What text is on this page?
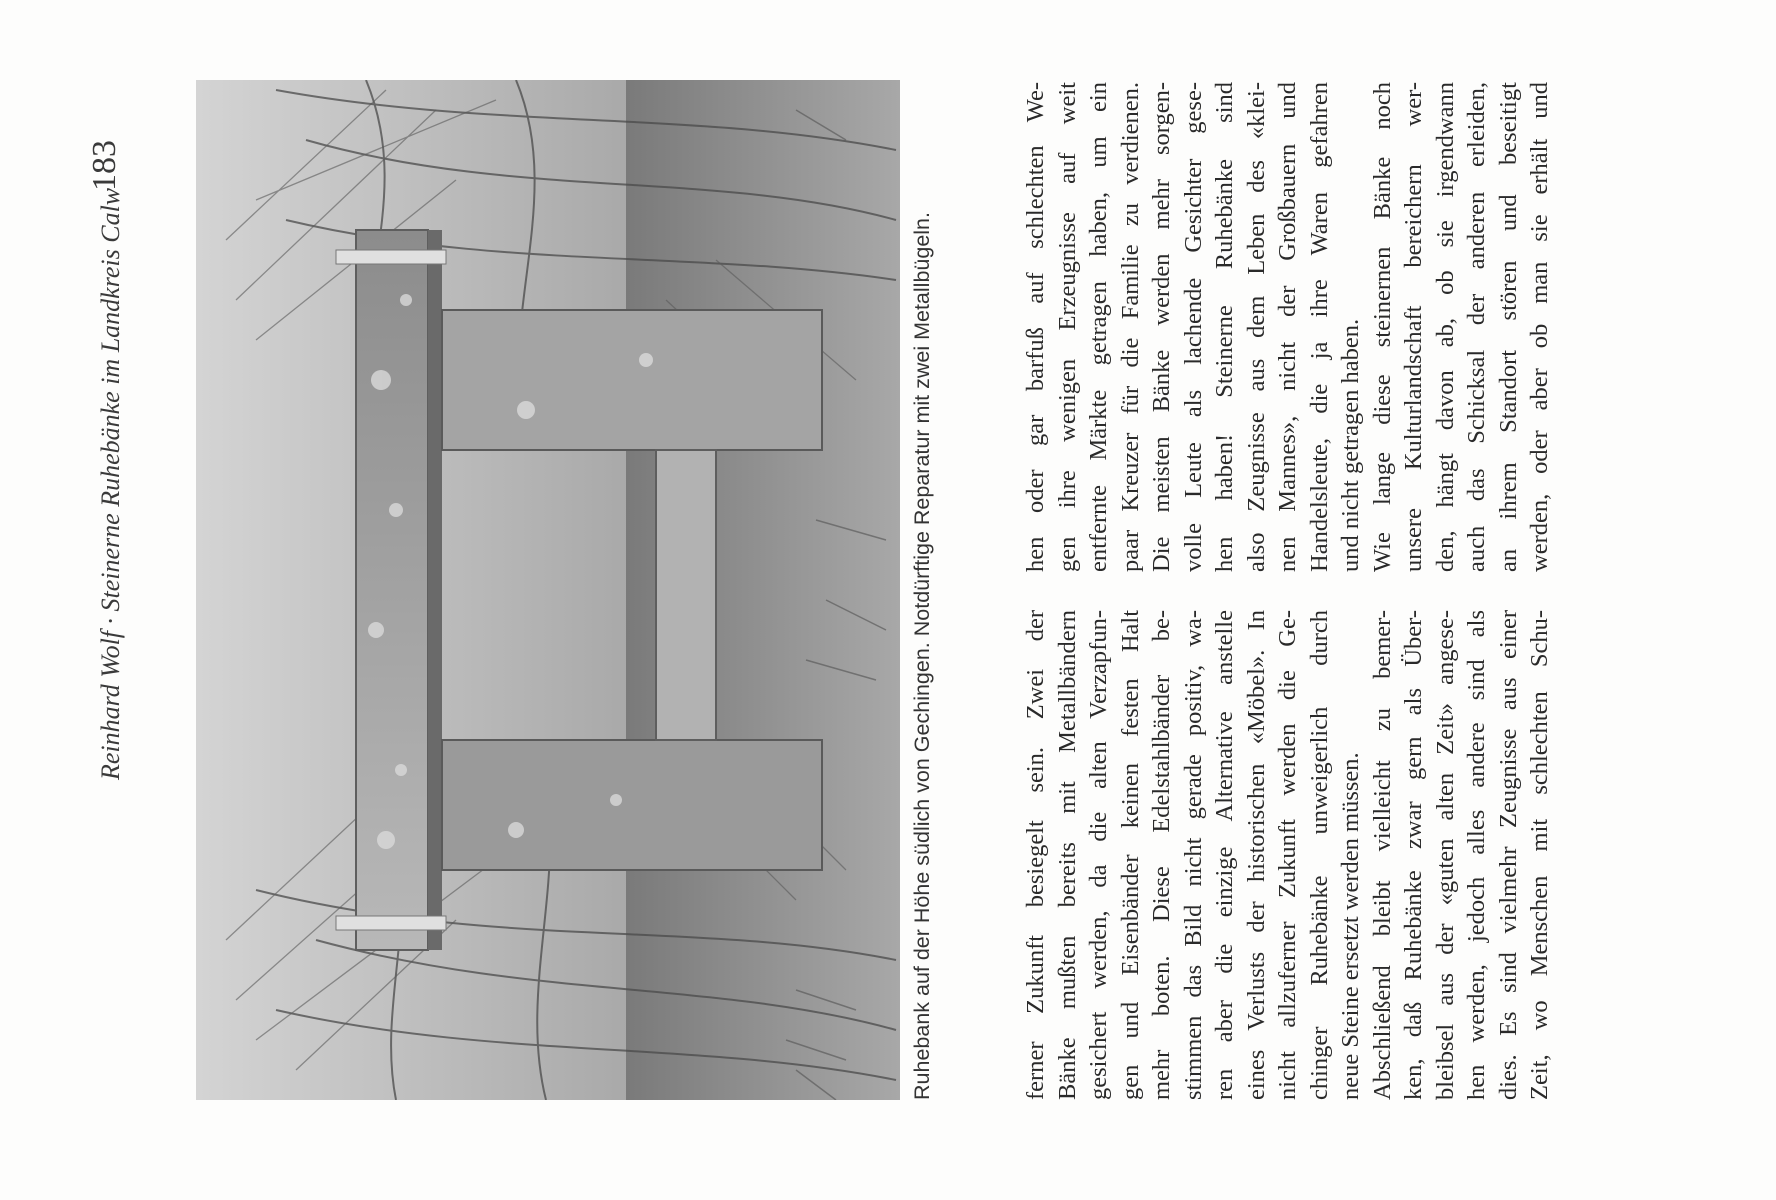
Reinhard Wolf · Steinerne Ruhebänke im Landkreis Calw
183
Ruhebank auf der Höhe südlich von Gechingen. Notdürftige Reparatur mit zwei Metallbügeln.	ferner Zukunft besiegelt sein. Zwei der Bänke mußten bereits mit Metallbändern gesichert werden, da die alten Verzapfun- gen und Eisenbänder keinen festen Halt mehr boten. Diese Edelstahlbänder be- stimmen das Bild nicht gerade positiv, wa- ren aber die einzige Alternative anstelle eines Verlusts der historischen «Möbel». In nicht allzuferner Zukunft werden die Ge- chinger Ruhebänke unweigerlich durch neue Steine ersetzt werden müssen. Abschließend bleibt vielleicht zu bemer- ken, daß Ruhebänke zwar gern als Über- bleibsel aus der «guten alten Zeit» angese- hen werden, jedoch alles andere sind als dies. Es sind vielmehr Zeugnisse aus einer Zeit, wo Menschen mit schlechten Schu-

hen oder gar barfuß auf schlechten We- gen ihre wenigen Erzeugnisse auf weit entfernte Märkte getragen haben, um ein paar Kreuzer für die Familie zu verdienen. Die meisten Bänke werden mehr sorgen- volle Leute als lachende Gesichter gese- hen haben! Steinerne Ruhebänke sind also Zeugnisse aus dem Leben des «klei- nen Mannes», nicht der Großbauern und Handelsleute, die ja ihre Waren gefahren und nicht getragen haben. Wie lange diese steinernen Bänke noch unsere Kulturlandschaft bereichern wer- den, hängt davon ab, ob sie irgendwann auch das Schicksal der anderen erleiden, an ihrem Standort stören und beseitigt werden, oder aber ob man sie erhält und
